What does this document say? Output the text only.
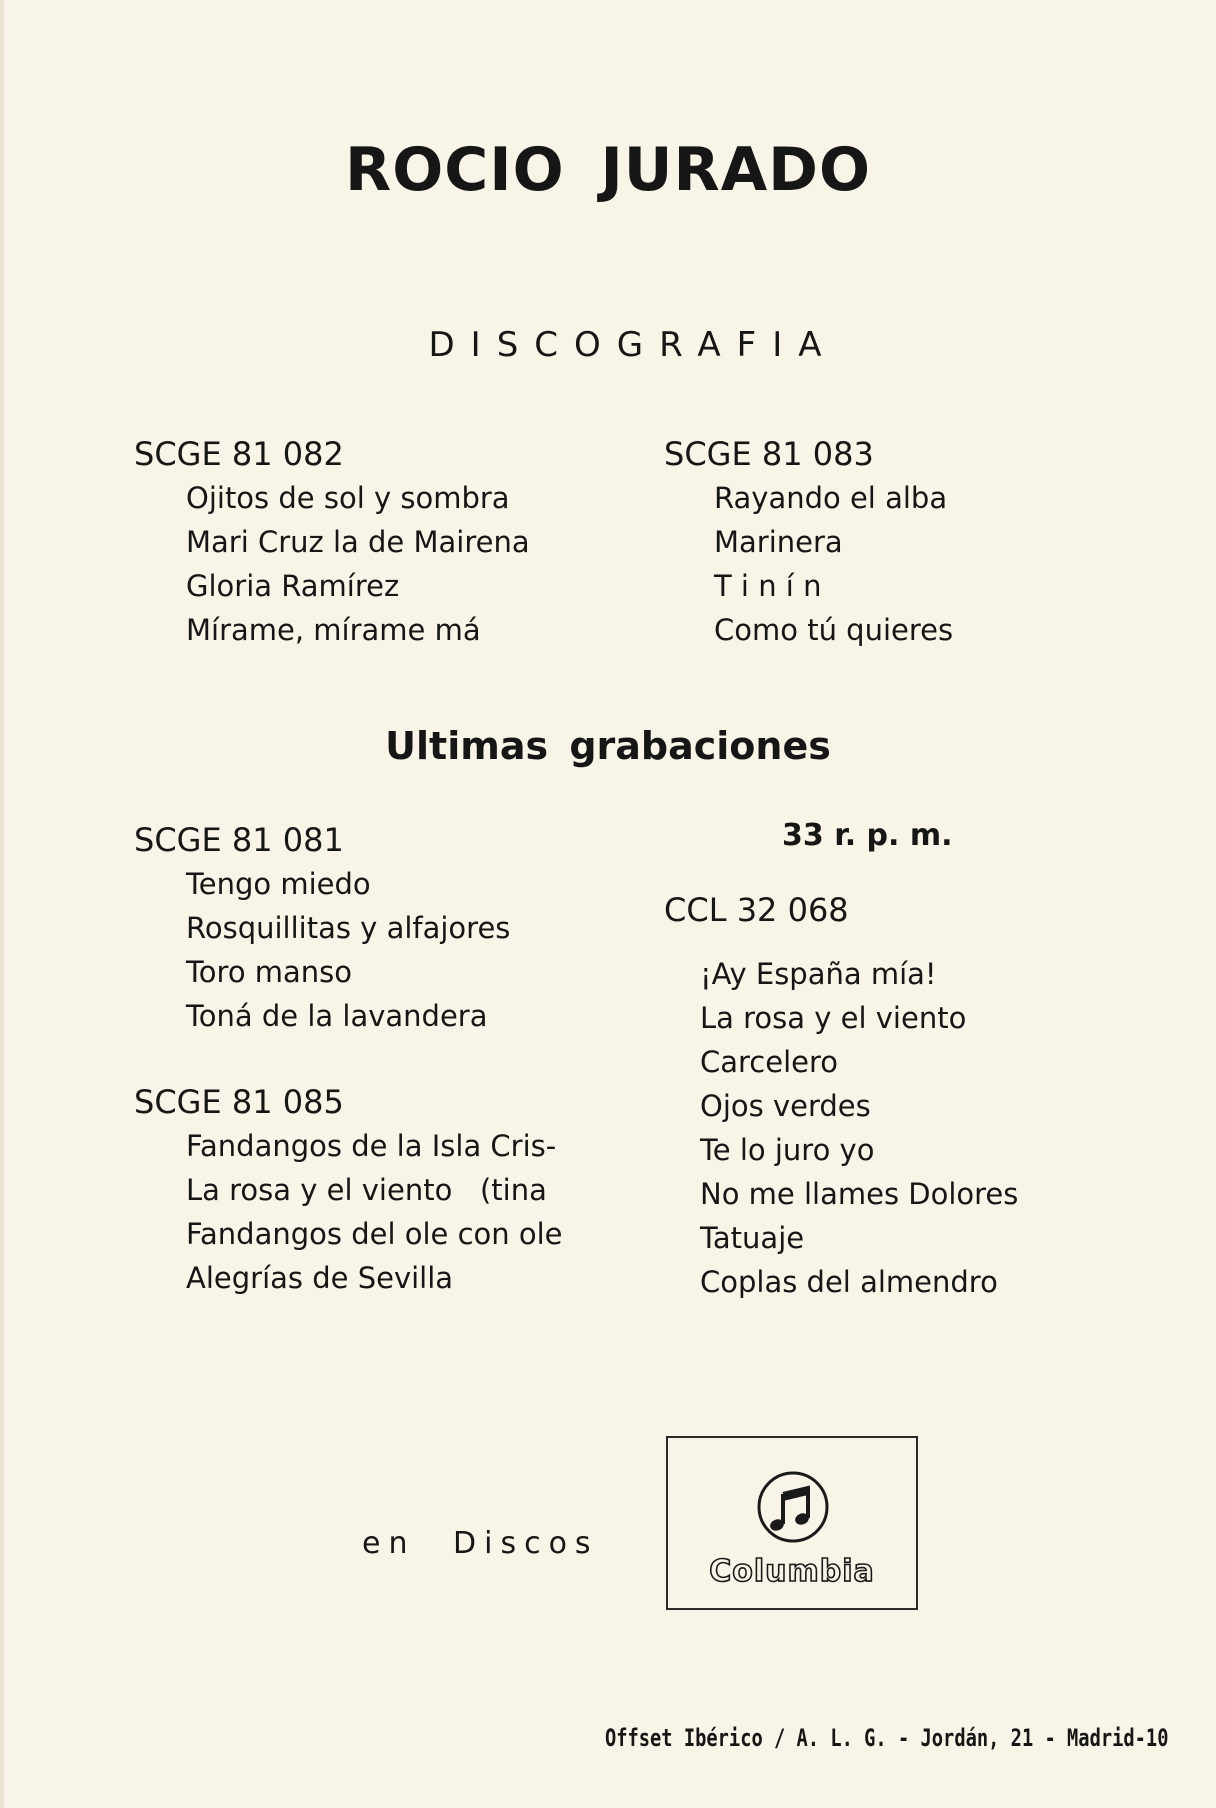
ROCIO JURADO
DISCOGRAFIA
SCGE 81 082
Ojitos de sol y sombra
Mari Cruz la de Mairena
Gloria Ramírez
Mírame, mírame má
SCGE 81 083
Rayando el alba
Marinera
T i n í n
Como tú quieres
Ultimas grabaciones
SCGE 81 081
Tengo miedo
Rosquillitas y alfajores
Toro manso
Toná de la lavandera
SCGE 81 085
Fandangos de la Isla Cris-
La rosa y el viento   (tina
Fandangos del ole con ole
Alegrías de Sevilla
33 r. p. m.
CCL 32 068
¡Ay España mía!
La rosa y el viento
Carcelero
Ojos verdes
Te lo juro yo
No me llames Dolores
Tatuaje
Coplas del almendro
en Discos
Columbia
Offset Ibérico / A. L. G. - Jordán, 21 - Madrid-10
